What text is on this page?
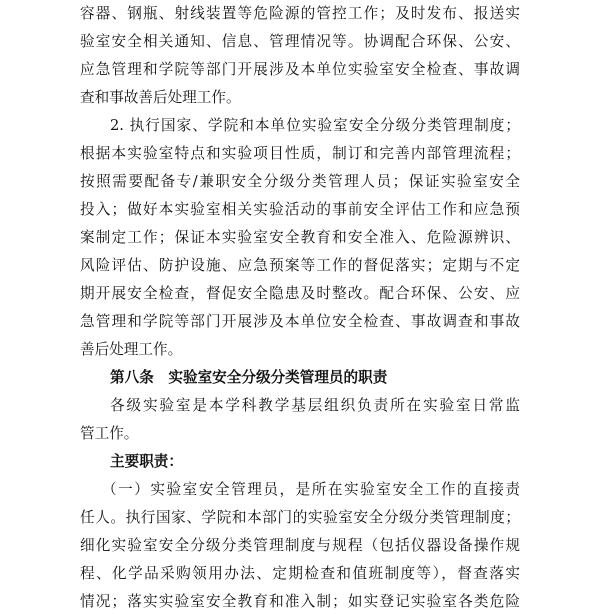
容器、钢瓶、射线装置等危险源的管控工作；及时发布、报送实
验室安全相关通知、信息、管理情况等。协调配合环保、公安、
应急管理和学院等部门开展涉及本单位实验室安全检查、事故调
查和事故善后处理工作。
2. 执行国家、学院和本单位实验室安全分级分类管理制度；
根据本实验室特点和实验项目性质，制订和完善内部管理流程；
按照需要配备专/兼职安全分级分类管理人员；保证实验室安全
投入；做好本实验室相关实验活动的事前安全评估工作和应急预
案制定工作；保证本实验室安全教育和安全准入、危险源辨识、
风险评估、防护设施、应急预案等工作的督促落实；定期与不定
期开展安全检查，督促安全隐患及时整改。配合环保、公安、应
急管理和学院等部门开展涉及本单位安全检查、事故调查和事故
善后处理工作。
第八条　实验室安全分级分类管理员的职责
各级实验室是本学科教学基层组织负责所在实验室日常监
管工作。
主要职责：
（一）实验室安全管理员，是所在实验室安全工作的直接责
任人。执行国家、学院和本部门的实验室安全分级分类管理制度；
细化实验室安全分级分类管理制度与规程（包括仪器设备操作规
程、化学品采购领用办法、定期检查和值班制度等），督查落实
情况；落实实验室安全教育和准入制；如实登记实验室各类危险
